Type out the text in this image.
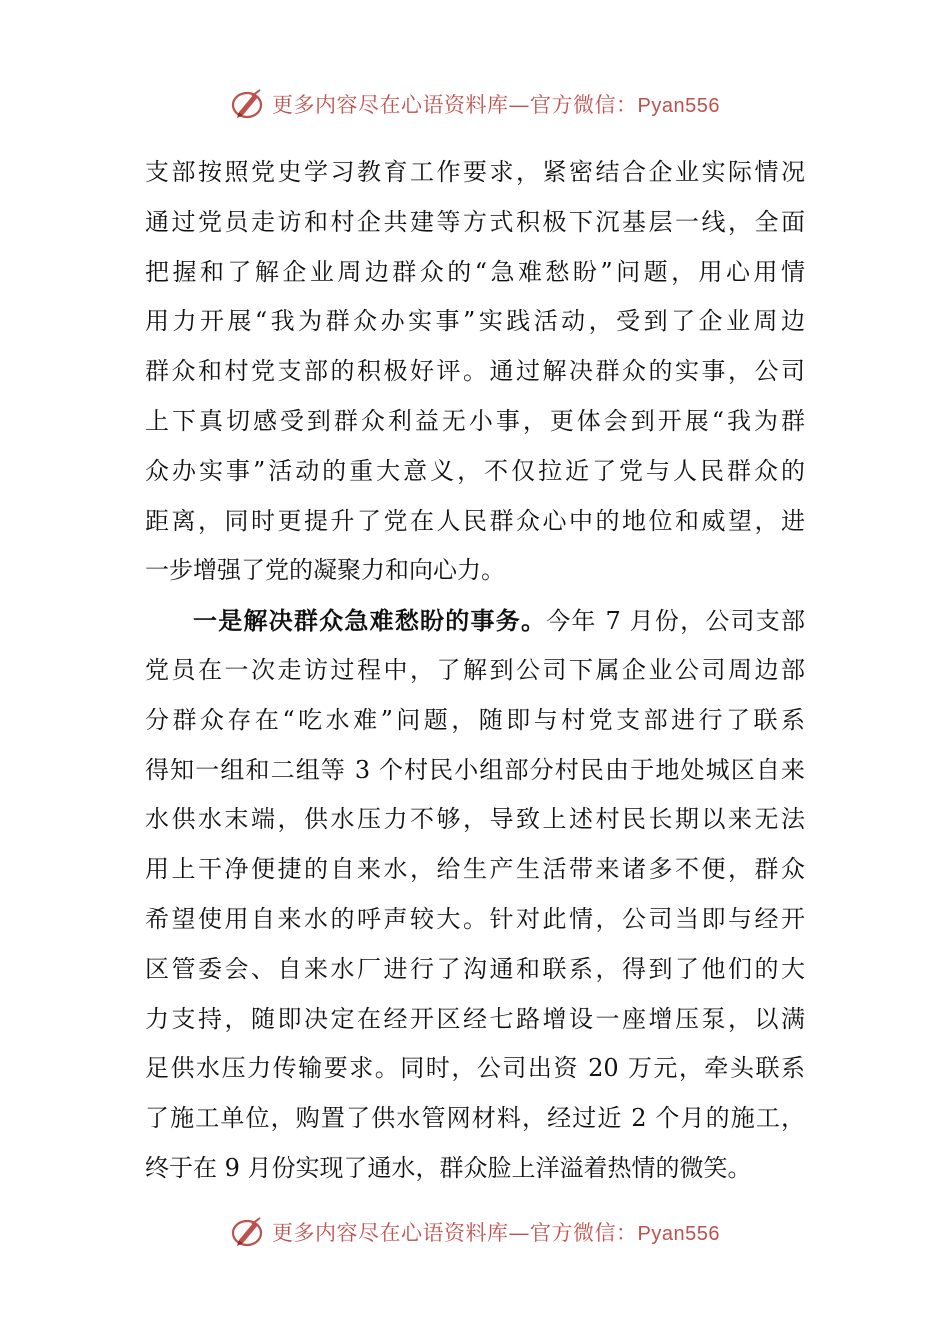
更多内容尽在心语资料库—官方微信：Pyan556
支部按照党史学习教育工作要求，紧密结合企业实际情况
通过党员走访和村企共建等方式积极下沉基层一线，全面
把握和了解企业周边群众的“急难愁盼”问题，用心用情
用力开展“我为群众办实事”实践活动，受到了企业周边
群众和村党支部的积极好评。通过解决群众的实事，公司
上下真切感受到群众利益无小事，更体会到开展“我为群
众办实事”活动的重大意义，不仅拉近了党与人民群众的
距离，同时更提升了党在人民群众心中的地位和威望，进
一步增强了党的凝聚力和向心力。
一是解决群众急难愁盼的事务。今年 7 月份，公司支部
党员在一次走访过程中，了解到公司下属企业公司周边部
分群众存在“吃水难”问题，随即与村党支部进行了联系
得知一组和二组等 3 个村民小组部分村民由于地处城区自来
水供水末端，供水压力不够，导致上述村民长期以来无法
用上干净便捷的自来水，给生产生活带来诸多不便，群众
希望使用自来水的呼声较大。针对此情，公司当即与经开
区管委会、自来水厂进行了沟通和联系，得到了他们的大
力支持，随即决定在经开区经七路增设一座增压泵，以满
足供水压力传输要求。同时，公司出资 20 万元，牵头联系
了施工单位，购置了供水管网材料，经过近 2 个月的施工，
终于在 9 月份实现了通水，群众脸上洋溢着热情的微笑。
更多内容尽在心语资料库—官方微信：Pyan556
